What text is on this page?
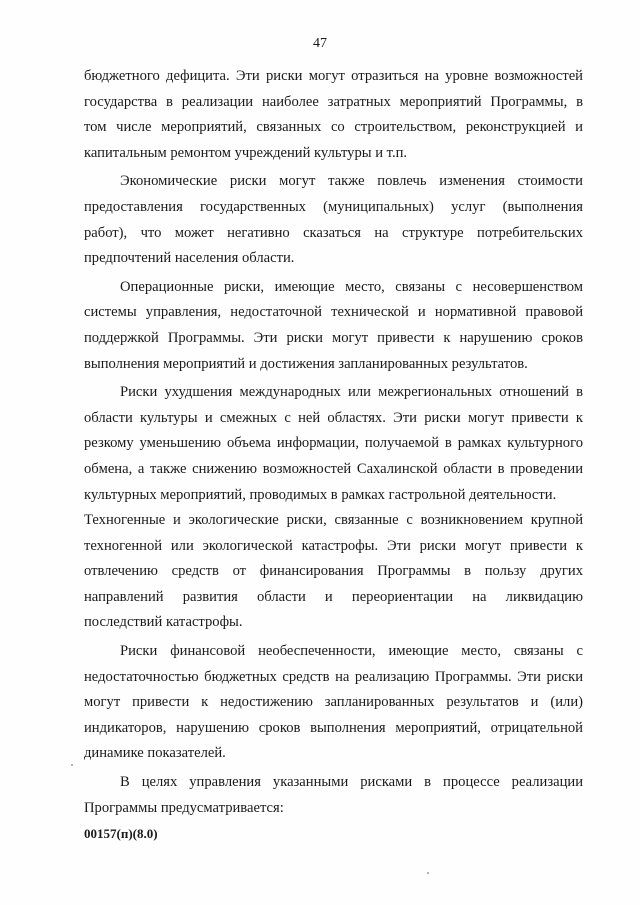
47
бюджетного дефицита. Эти риски могут отразиться на уровне возможностей
государства в реализации наиболее затратных мероприятий Программы, в
том числе мероприятий, связанных со строительством, реконструкцией и
капитальным ремонтом учреждений культуры и т.п.
Экономические риски могут также повлечь изменения стоимости
предоставления государственных (муниципальных) услуг (выполнения
работ), что может негативно сказаться на структуре потребительских
предпочтений населения области.
Операционные риски, имеющие место, связаны с несовершенством
системы управления, недостаточной технической и нормативной правовой
поддержкой Программы. Эти риски могут привести к нарушению сроков
выполнения мероприятий и достижения запланированных результатов.
Риски ухудшения международных или межрегиональных отношений в
области культуры и смежных с ней областях. Эти риски могут привести к
резкому уменьшению объема информации, получаемой в рамках культурного
обмена, а также снижению возможностей Сахалинской области в проведении
культурных мероприятий, проводимых в рамках гастрольной деятельности.
Техногенные и экологические риски, связанные с возникновением крупной
техногенной или экологической катастрофы. Эти риски могут привести к
отвлечению средств от финансирования Программы в пользу других
направлений развития области и переориентации на ликвидацию
последствий катастрофы.
Риски финансовой необеспеченности, имеющие место, связаны с
недостаточностью бюджетных средств на реализацию Программы. Эти риски
могут привести к недостижению запланированных результатов и (или)
индикаторов, нарушению сроков выполнения мероприятий, отрицательной
динамике показателей.
В целях управления указанными рисками в процессе реализации
Программы предусматривается:
00157(п)(8.0)
